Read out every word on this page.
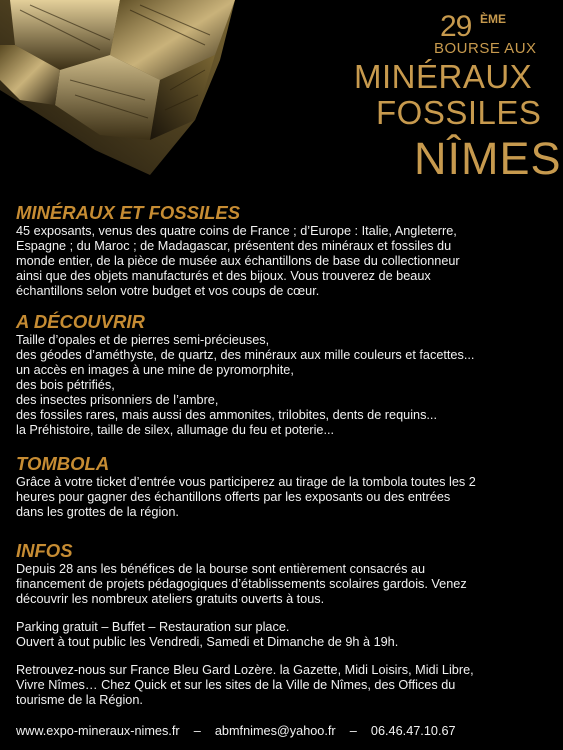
29 ÈME
BOURSE AUX
MINÉRAUX
FOSSILES
NÎMES
MINÉRAUX ET FOSSILES

45 exposants, venus des quatre coins de France ; d’Europe : Italie, Angleterre,

Espagne ; du Maroc ; de Madagascar, présentent des minéraux et fossiles du

monde entier, de la pièce de musée aux échantillons de base du collectionneur

ainsi que des objets manufacturés et des bijoux. Vous trouverez de beaux

échantillons selon votre budget et vos coups de cœur.

A DÉCOUVRIR

Taille d’opales et de pierres semi-précieuses,

des géodes d’améthyste, de quartz, des minéraux aux mille couleurs et facettes...

un accès en images à une mine de pyromorphite,

des bois pétrifiés,

des insectes prisonniers de l’ambre,

des fossiles rares, mais aussi des ammonites, trilobites, dents de requins...

la Préhistoire, taille de silex, allumage du feu et poterie...

TOMBOLA

Grâce à votre ticket d’entrée vous participerez au tirage de la tombola toutes les 2

heures pour gagner des échantillons offerts par les exposants ou des entrées

dans les grottes de la région.

INFOS

Depuis 28 ans les bénéfices de la bourse sont entièrement consacrés au

financement de projets pédagogiques d’établissements scolaires gardois. Venez

découvrir les nombreux ateliers gratuits ouverts à tous.

Parking gratuit – Buffet – Restauration sur place.

Ouvert à tout public les Vendredi, Samedi et Dimanche de 9h à 19h.

Retrouvez-nous sur France Bleu Gard Lozère. la Gazette, Midi Loisirs, Midi Libre,

Vivre Nîmes… Chez Quick et sur les sites de la Ville de Nîmes, des Offices du

tourisme de la Région.

www.expo-mineraux-nimes.fr – abmfnimes@yahoo.fr – 06.46.47.10.67
